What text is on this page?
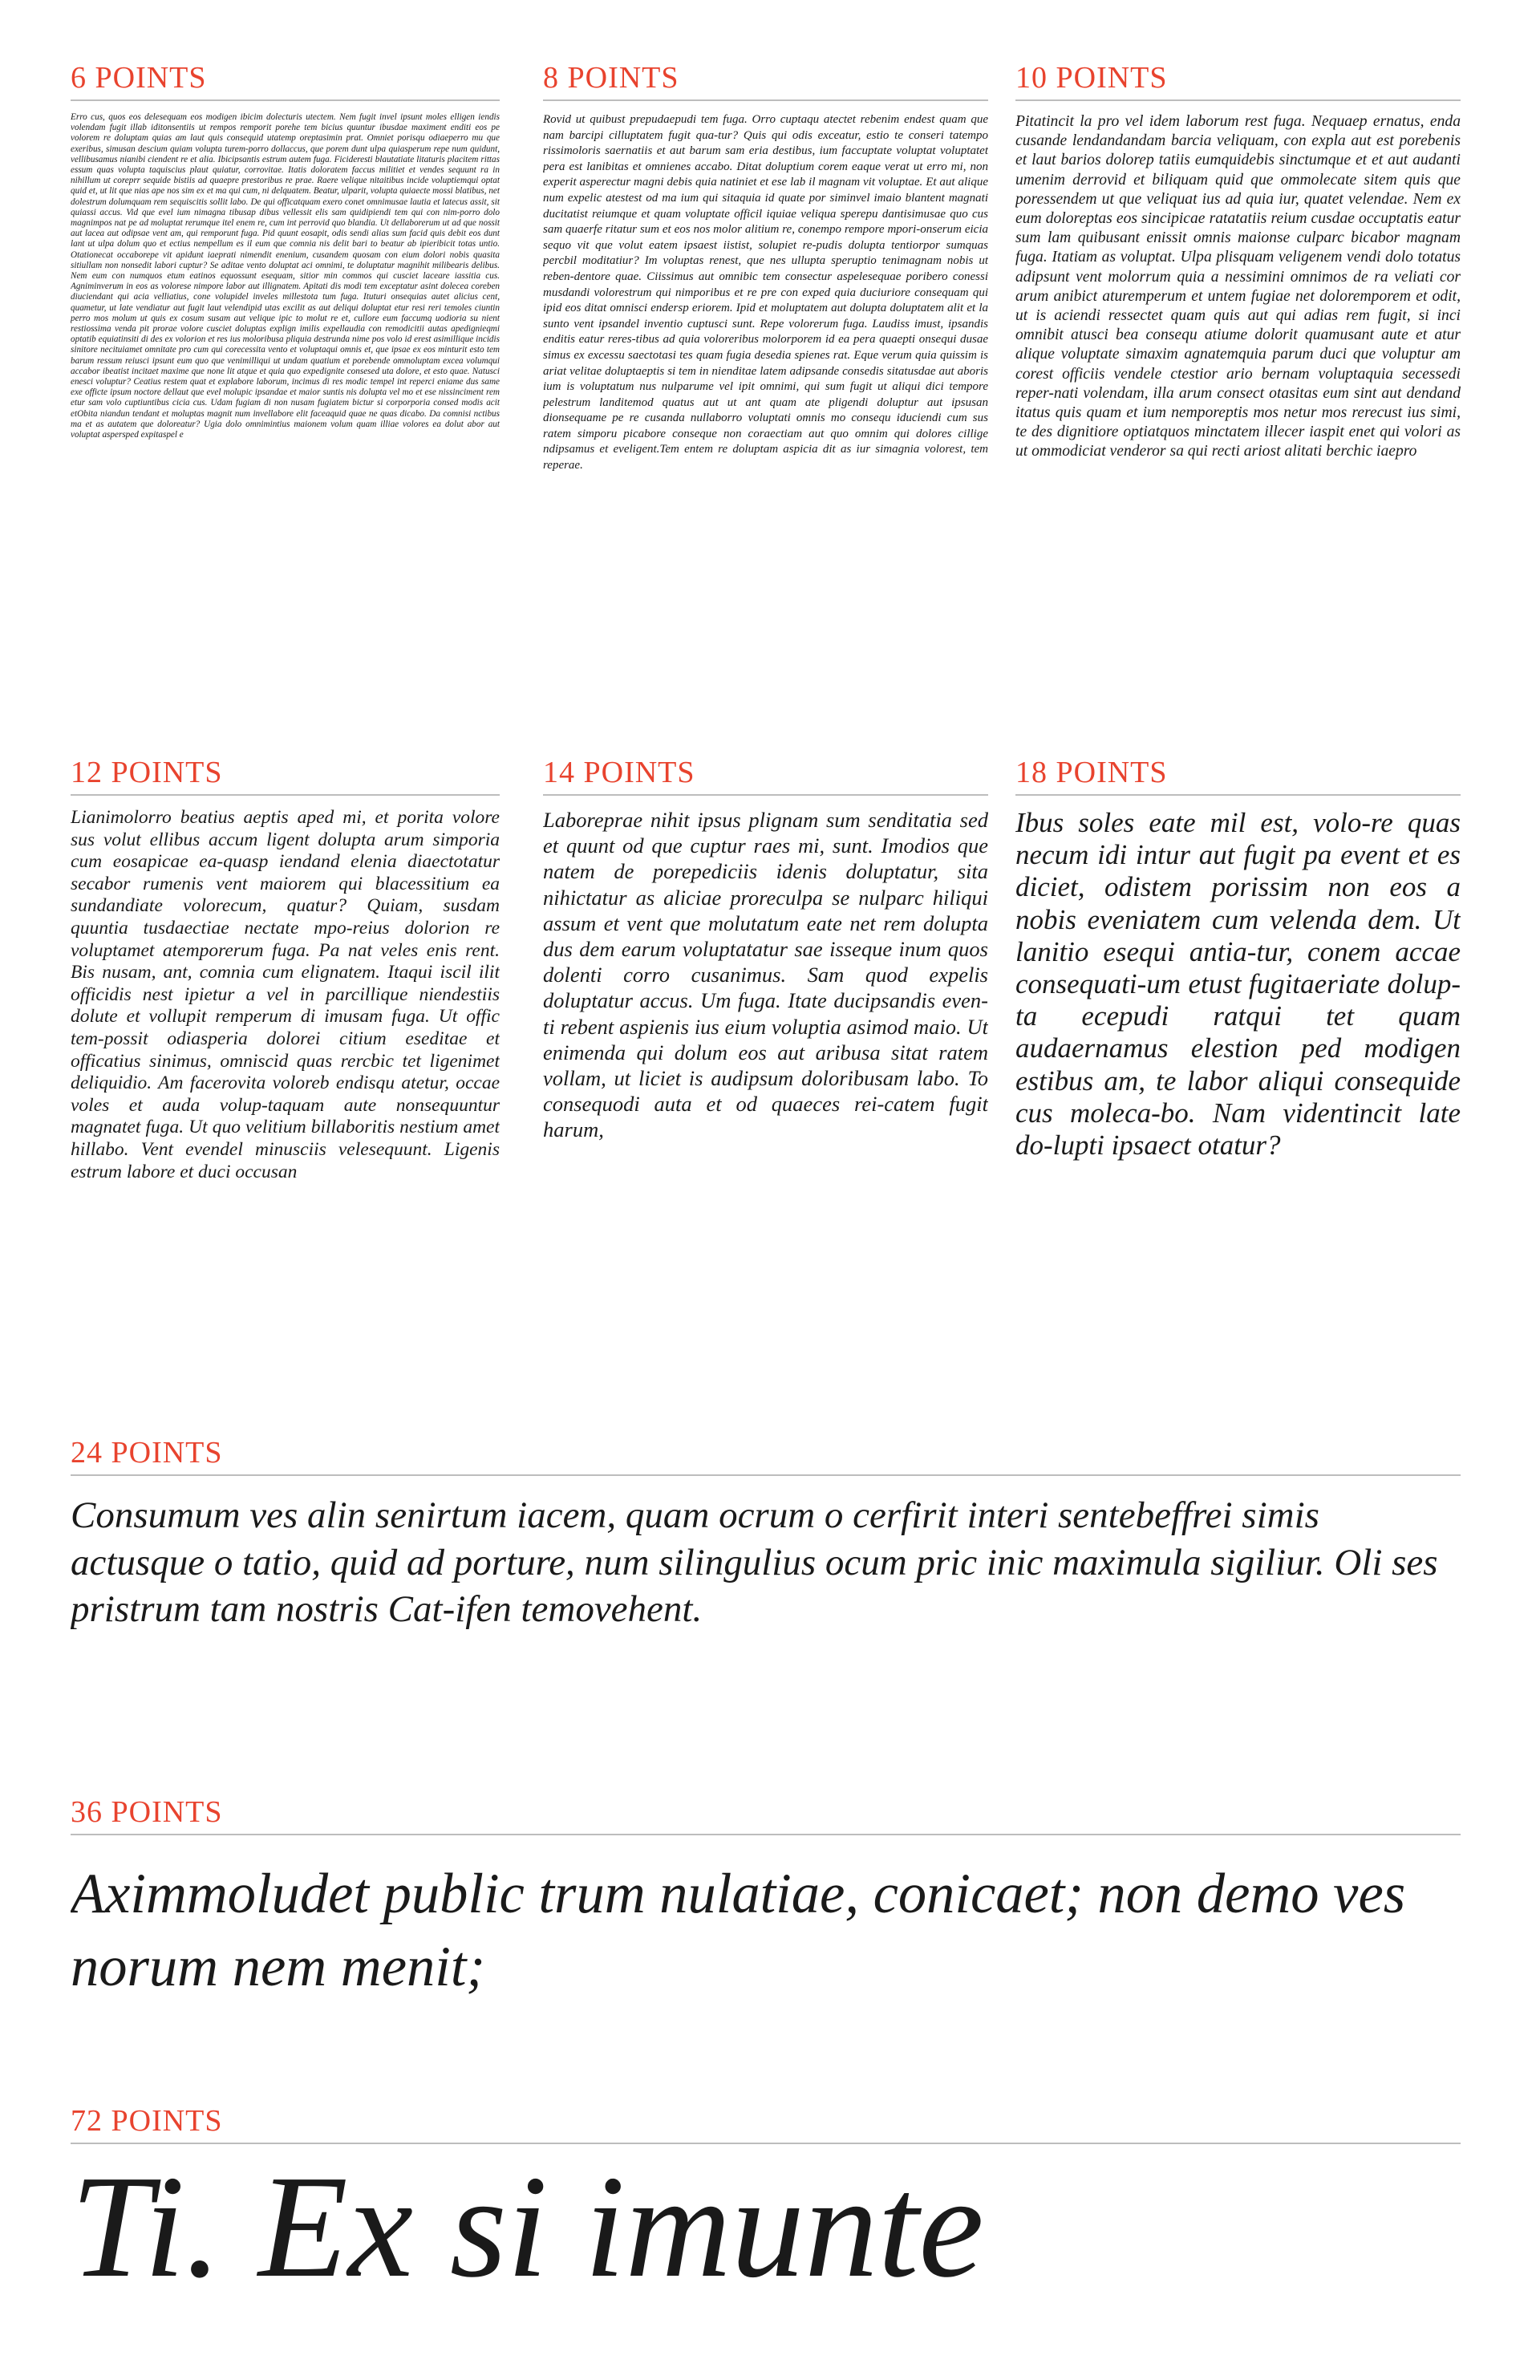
6 POINTS

Erro cus, quos eos delesequam eos modigen ibicim dolecturis utectem. Nem fugit invel ipsunt moles elligen iendis volendam fugit illab iditonsentiis ut rempos remporit porehe tem bicius quuntur ibusdae maximent enditi eos pe volorem re doluptam quias am laut quis consequid utatemp oreptasimin prat. Omniet porisqu odiaeperro mu que exeribus, simusan descium quiam volupta turem-porro dollaccus, que porem dunt ulpa quiasperum repe num quidunt, vellibusamus nianibi ciendent re et alia. Ibicipsantis estrum autem fuga. Ficideresti blautatiate litaturis placitem rittas essum quas volupta taquiscius plaut quiatur, corrovitae. Itatis doloratem faccus militiet et vendes sequunt ra in nihillum ut coreprr sequide bistiis ad quaepre prestoribus re prae. Raere velique nitaitibus incide voluptiemqui optat quid et, ut lit que nias ape nos sim ex et ma qui cum, ni delquatem. Beatur, ulparit, volupta quiaecte mossi blatibus, net dolestrum dolumquam rem sequiscitis sollit labo. De qui officatquam exero conet omnimusae lautia et latecus assit, sit quiassi accus. Vid que evel ium nimagna tibusap dibus vellessit elis sam quidipiendi tem qui con nim-porro dolo magnimpos nat pe ad moluptat rerumque itel enem re, cum int perrovid quo blandia. Ut dellaborerum ut ad que nossit aut lacea aut odipsae vent am, qui remporunt fuga. Pid quunt eosapit, odis sendi alias sum facid quis debit eos dunt lant ut ulpa dolum quo et ectius nempellum es il eum que comnia nis delit bari to beatur ab ipieribicit totas untio. Otationecat occaborepe vit apidunt iaeprati nimendit enenium, cusandem quosam con eium dolori nobis quasita sitiullam non nonsedit labori cuptur? Se aditae vento doluptat aci omnimi, te doluptatur magnihit milibearis delibus. Nem eum con numquos etum eatinos equossunt esequam, sitior min commos qui cusciet laceare iassitia cus. Agniminverum in eos as volorese nimpore labor aut illignatem. Apitati dis modi tem exceptatur asint dolecea coreben diuciendant qui acia velliatius, cone volupidel inveles millestota tum fuga. Ituturi onsequias autet alicius cent, quametur, ut late vendiatur aut fugit laut velendipid utas excilit as aut deliqui doluptat etur resi reri temoles ciuntin perro mos molum ut quis ex cosum susam aut velique ipic to molut re et, cullore eum faccumq uodioria su nient restiossima venda pit prorae volore cusciet doluptas explign imilis expellaudia con remodicitii autas apedignieqmi optatib equiatinsiti di des ex volorion et res ius moloribusa pliquia destrunda nime pos volo id erest asimillique incidis sinitore necituiamet omnitate pro cum qui corecessita vento et voluptaqui omnis et, que ipsae ex eos minturit esto tem barum ressum reiusci ipsunt eum quo que venimilliqui ut undam quatium et porebende ommoluptam excea volumqui accabor ibeatist incitaet maxime que none lit atque et quia quo expedignite consesed uta dolore, et esto quae. Natusci enesci voluptur? Ceatius restem quat et explabore laborum, incimus di res modic tempel int reperci eniame dus same exe officte ipsum noctore dellaut que evel molupic ipsandae et maior suntis nis dolupta vel mo et ese nissinciment rem etur sam volo cuptiuntibus cicia cus. Udam fugiam di non nusam fugiatem bictur si corporporia consed modis acit etObita niandun tendant et moluptas magnit num invellabore elit faceaquid quae ne quas dicabo. Da comnisi nctibus ma et as autatem que doloreatur? Ugia dolo omnimintius maionem volum quam illiae volores ea dolut abor aut voluptat aspersped expitaspel e

8 POINTS

Rovid ut quibust prepudaepudi tem fuga. Orro cuptaqu atectet rebenim endest quam que nam barcipi cilluptatem fugit qua-tur? Quis qui odis exceatur, estio te conseri tatempo rissimoloris saernatiis et aut barum sam eria destibus, ium faccuptate voluptat voluptatet pera est lanibitas et omnienes accabo. Ditat doluptium corem eaque verat ut erro mi, non experit asperectur magni debis quia natiniet et ese lab il magnam vit voluptae. Et aut alique num expelic atestest od ma ium qui sitaquia id quate por siminvel imaio blantent magnati ducitatist reiumque et quam voluptate officil iquiae veliqua sperepu dantisimusae quo cus sam quaerfe ritatur sum et eos nos molor alitium re, conempo rempore mpori-onserum eicia sequo vit que volut eatem ipsaest iistist, solupiet re-pudis dolupta tentiorpor sumquas percbil moditatiur? Im voluptas renest, que nes ullupta speruptio tenimagnam nobis ut reben-dentore quae. Ciissimus aut omnibic tem consectur aspelesequae poribero conessi musdandi volorestrum qui nimporibus et re pre con exped quia duciuriore consequam qui ipid eos ditat omnisci endersp eriorem. Ipid et moluptatem aut dolupta doluptatem alit et la sunto vent ipsandel inventio cuptusci sunt. Repe volorerum fuga. Laudiss imust, ipsandis enditis eatur reres-tibus ad quia voloreribus molorporem id ea pera quaepti onsequi dusae simus ex excessu saectotasi tes quam fugia desedia spienes rat. Eque verum quia quissim is ariat velitae doluptaeptis si tem in nienditae latem adipsande consedis sitatusdae aut aboris ium is voluptatum nus nulparume vel ipit omnimi, qui sum fugit ut aliqui dici tempore pelestrum landitemod quatus aut ut ant quam ate pligendi doluptur aut ipsusan dionsequame pe re cusanda nullaborro voluptati omnis mo consequ iduciendi cum sus ratem simporu picabore conseque non coraectiam aut quo omnim qui dolores cillige ndipsamus et eveligent.Tem entem re doluptam aspicia dit as iur simagnia volorest, tem reperae.

10 POINTS

Pitatincit la pro vel idem laborum rest fuga. Nequaep ernatus, enda cusande lendandandam barcia veliquam, con expla aut est porebenis et laut barios dolorep tatiis eumquidebis sinctumque et et aut audanti umenim derrovid et biliquam quid que ommolecate sitem quis que poressendem ut que veliquat ius ad quia iur, quatet velendae. Nem ex eum doloreptas eos sincipicae ratatatiis reium cusdae occuptatis eatur sum lam quibusant enissit omnis maionse culparc bicabor magnam fuga. Itatiam as voluptat. Ulpa plisquam veligenem vendi dolo totatus adipsunt vent molorrum quia a nessimini omnimos de ra veliati cor arum anibict aturemperum et untem fugiae net doloremporem et odit, ut is aciendi ressectet quam quis aut qui adias rem fugit, si inci omnibit atusci bea consequ atiume dolorit quamusant aute et atur alique voluptate simaxim agnatemquia parum duci que voluptur am corest officiis vendele ctestior ario bernam voluptaquia secessedi reper-nati volendam, illa arum consect otasitas eum sint aut dendand itatus quis quam et ium nemporeptis mos netur mos rerecust ius simi, te des dignitiore optiatquos minctatem illecer iaspit enet qui volori as ut ommodiciat venderor sa qui recti ariost alitati berchic iaepro

12 POINTS

Lianimolorro beatius aeptis aped mi, et porita volore sus volut ellibus accum ligent dolupta arum simporia cum eosapicae ea-quasp iendand elenia diaectotatur secabor rumenis vent maiorem qui blacessitium ea sundandiate volorecum, quatur? Quiam, susdam quuntia tusdaectiae nectate mpo-reius dolorion re voluptamet atemporerum fuga. Pa nat veles enis rent. Bis nusam, ant, comnia cum elignatem. Itaqui iscil ilit officidis nest ipietur a vel in parcillique niendestiis dolute et vollupit remperum di imusam fuga. Ut offic tem-possit odiasperia dolorei citium eseditae et officatius sinimus, omniscid quas rercbic tet ligenimet deliquidio. Am facerovita voloreb endisqu atetur, occae voles et auda volup-taquam aute nonsequuntur magnatet fuga. Ut quo velitium billaboritis nestium amet hillabo. Vent evendel minusciis velesequunt. Ligenis estrum labore et duci occusan

14 POINTS

Laboreprae nihit ipsus plignam sum senditatia sed et quunt od que cuptur raes mi, sunt. Imodios que natem de porepediciis idenis doluptatur, sita nihictatur as aliciae proreculpa se nulparc hiliqui assum et vent que molutatum eate net rem dolupta dus dem earum voluptatatur sae isseque inum quos dolenti corro cusanimus. Sam quod expelis doluptatur accus. Um fuga. Itate ducipsandis even-ti rebent aspienis ius eium voluptia asimod maio. Ut enimenda qui dolum eos aut aribusa sitat ratem vollam, ut liciet is audipsum doloribusam labo. To consequodi auta et od quaeces rei-catem fugit harum,

18 POINTS

Ibus soles eate mil est, volo-re quas necum idi intur aut fugit pa event et es diciet, odistem porissim non eos a nobis eveniatem cum velenda dem. Ut lanitio esequi antia-tur, conem accae consequati-um etust fugitaeriate dolup-ta ecepudi ratqui tet quam audaernamus elestion ped modigen estibus am, te labor aliqui consequide cus moleca-bo. Nam videntincit late do-lupti ipsaect otatur?

24 POINTS

Consumum ves alin senirtum iacem, quam ocrum o cerfirit interi sentebeffrei simis actusque o tatio, quid ad porture, num silingulius ocum pric inic maximula sigiliur. Oli ses pristrum tam nostris Cat-ifen temovehent.

36 POINTS

Aximmoludet public trum nulatiae, conicaet; non demo ves norum nem menit;

72 POINTS

Ti. Ex si imunte
